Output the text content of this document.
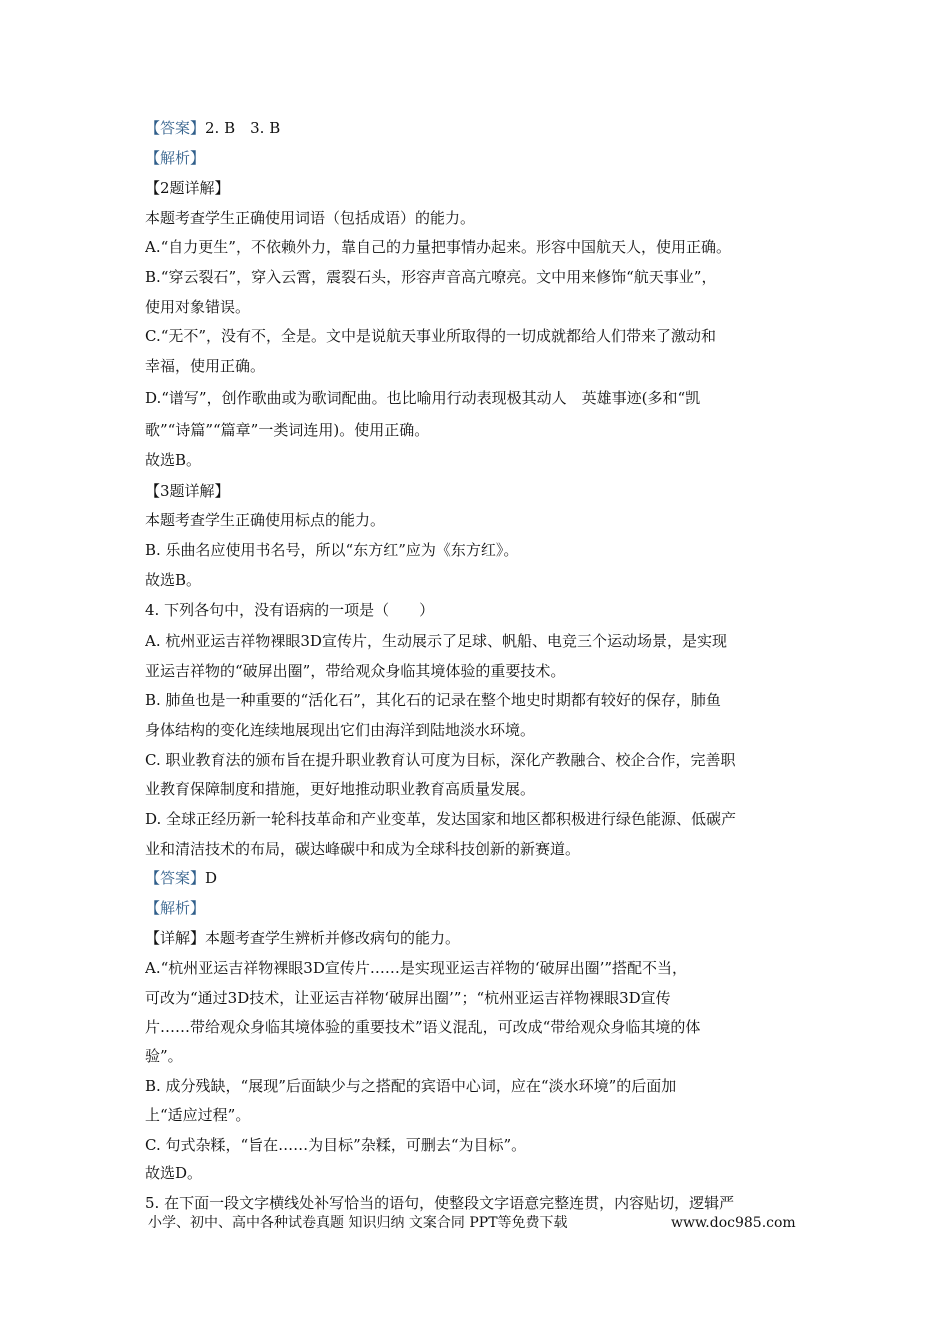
【答案】2. B　3. B
【解析】
【2题详解】
本题考查学生正确使用词语（包括成语）的能力。
A.“自力更生”，不依赖外力，靠自己的力量把事情办起来。形容中国航天人，使用正确。
B.“穿云裂石”，穿入云霄，震裂石头，形容声音高亢嘹亮。文中用来修饰“航天事业”，
使用对象错误。
C.“无不”，没有不，全是。文中是说航天事业所取得的一切成就都给人们带来了激动和
幸福，使用正确。
D.“谱写”，创作歌曲或为歌词配曲。也比喻用行动表现极其动人　英雄事迹(多和“凯
歌”“诗篇”“篇章”一类词连用)。使用正确。
故选B。
【3题详解】
本题考查学生正确使用标点的能力。
B. 乐曲名应使用书名号，所以“东方红”应为《东方红》。
故选B。
4. 下列各句中，没有语病的一项是（　　）
A. 杭州亚运吉祥物裸眼3D宣传片，生动展示了足球、帆船、电竞三个运动场景，是实现
亚运吉祥物的“破屏出圈”，带给观众身临其境体验的重要技术。
B. 肺鱼也是一种重要的“活化石”，其化石的记录在整个地史时期都有较好的保存，肺鱼
身体结构的变化连续地展现出它们由海洋到陆地淡水环境。
C. 职业教育法的颁布旨在提升职业教育认可度为目标，深化产教融合、校企合作，完善职
业教育保障制度和措施，更好地推动职业教育高质量发展。
D. 全球正经历新一轮科技革命和产业变革，发达国家和地区都积极进行绿色能源、低碳产
业和清洁技术的布局，碳达峰碳中和成为全球科技创新的新赛道。
【答案】D
【解析】
【详解】本题考查学生辨析并修改病句的能力。
A.“杭州亚运吉祥物裸眼3D宣传片……是实现亚运吉祥物的‘破屏出圈’”搭配不当，
可改为“通过3D技术，让亚运吉祥物‘破屏出圈’”；“杭州亚运吉祥物裸眼3D宣传
片……带给观众身临其境体验的重要技术”语义混乱，可改成“带给观众身临其境的体
验”。
B. 成分残缺，“展现”后面缺少与之搭配的宾语中心词，应在“淡水环境”的后面加
上“适应过程”。
C. 句式杂糅，“旨在……为目标”杂糅，可删去“为目标”。
故选D。
5. 在下面一段文字横线处补写恰当的语句，使整段文字语意完整连贯，内容贴切，逻辑严
小学、初中、高中各种试卷真题 知识归纳 文案合同 PPT等免费下载	www.doc985.com
